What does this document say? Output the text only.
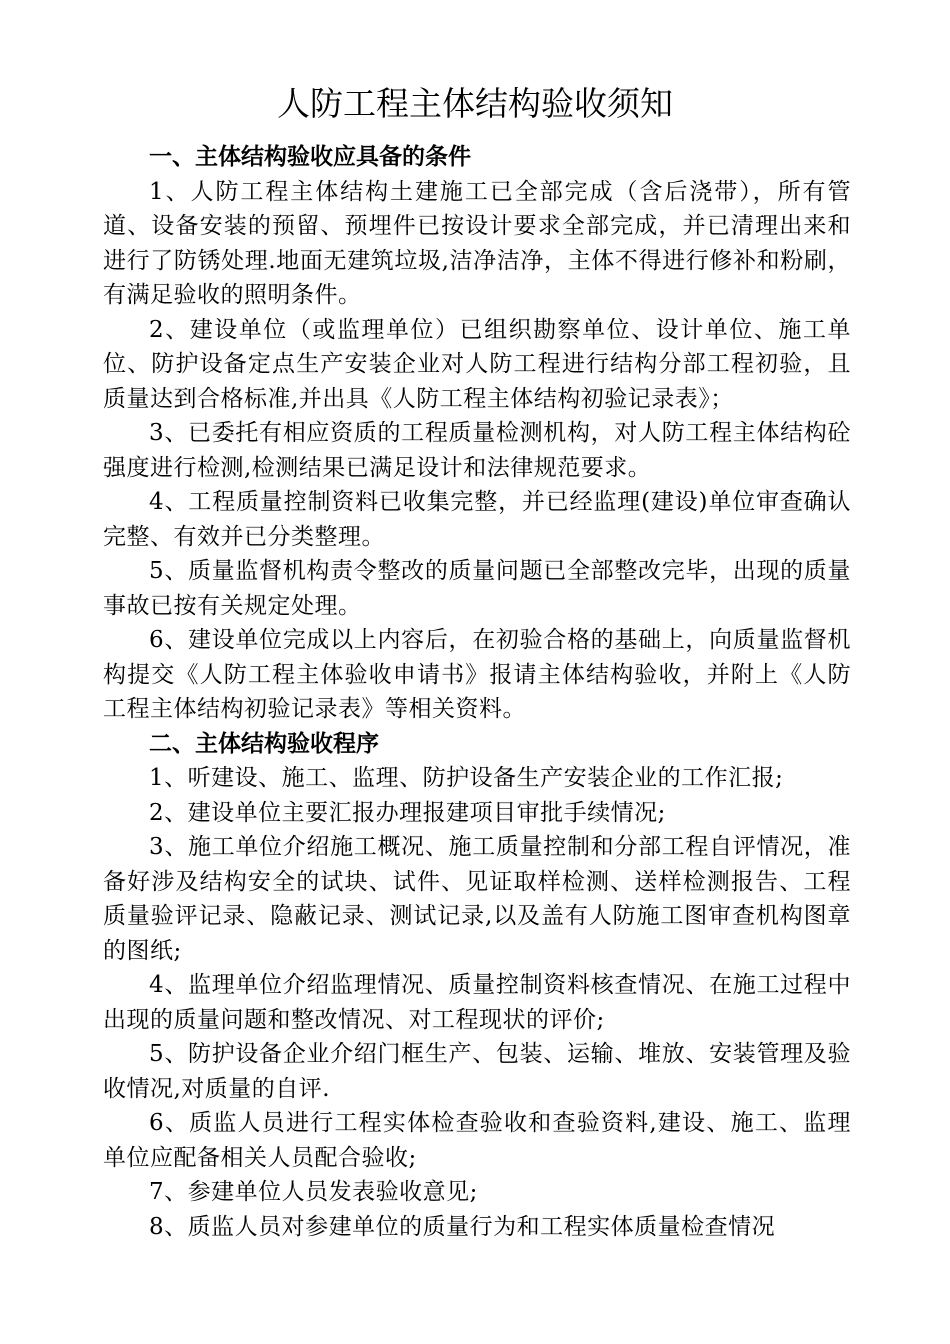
人防工程主体结构验收须知

一、主体结构验收应具备的条件

1、人防工程主体结构土建施工已全部完成（含后浇带），所有管道、设备安装的预留、预埋件已按设计要求全部完成，并已清理出来和进行了防锈处理.地面无建筑垃圾,洁净洁净，主体不得进行修补和粉刷，有满足验收的照明条件。

2、建设单位（或监理单位）已组织勘察单位、设计单位、施工单位、防护设备定点生产安装企业对人防工程进行结构分部工程初验，且质量达到合格标准,并出具《人防工程主体结构初验记录表》；

3、已委托有相应资质的工程质量检测机构，对人防工程主体结构砼强度进行检测,检测结果已满足设计和法律规范要求。

4、工程质量控制资料已收集完整，并已经监理(建设)单位审查确认完整、有效并已分类整理。

5、质量监督机构责令整改的质量问题已全部整改完毕，出现的质量事故已按有关规定处理。

6、建设单位完成以上内容后，在初验合格的基础上，向质量监督机构提交《人防工程主体验收申请书》报请主体结构验收，并附上《人防工程主体结构初验记录表》等相关资料。

二、主体结构验收程序

1、听建设、施工、监理、防护设备生产安装企业的工作汇报;

2、建设单位主要汇报办理报建项目审批手续情况;

3、施工单位介绍施工概况、施工质量控制和分部工程自评情况，准备好涉及结构安全的试块、试件、见证取样检测、送样检测报告、工程质量验评记录、隐蔽记录、测试记录,以及盖有人防施工图审查机构图章的图纸;

4、监理单位介绍监理情况、质量控制资料核查情况、在施工过程中出现的质量问题和整改情况、对工程现状的评价;

5、防护设备企业介绍门框生产、包装、运输、堆放、安装管理及验收情况,对质量的自评.

6、质监人员进行工程实体检查验收和查验资料,建设、施工、监理单位应配备相关人员配合验收;

7、参建单位人员发表验收意见;

8、质监人员对参建单位的质量行为和工程实体质量检查情况
